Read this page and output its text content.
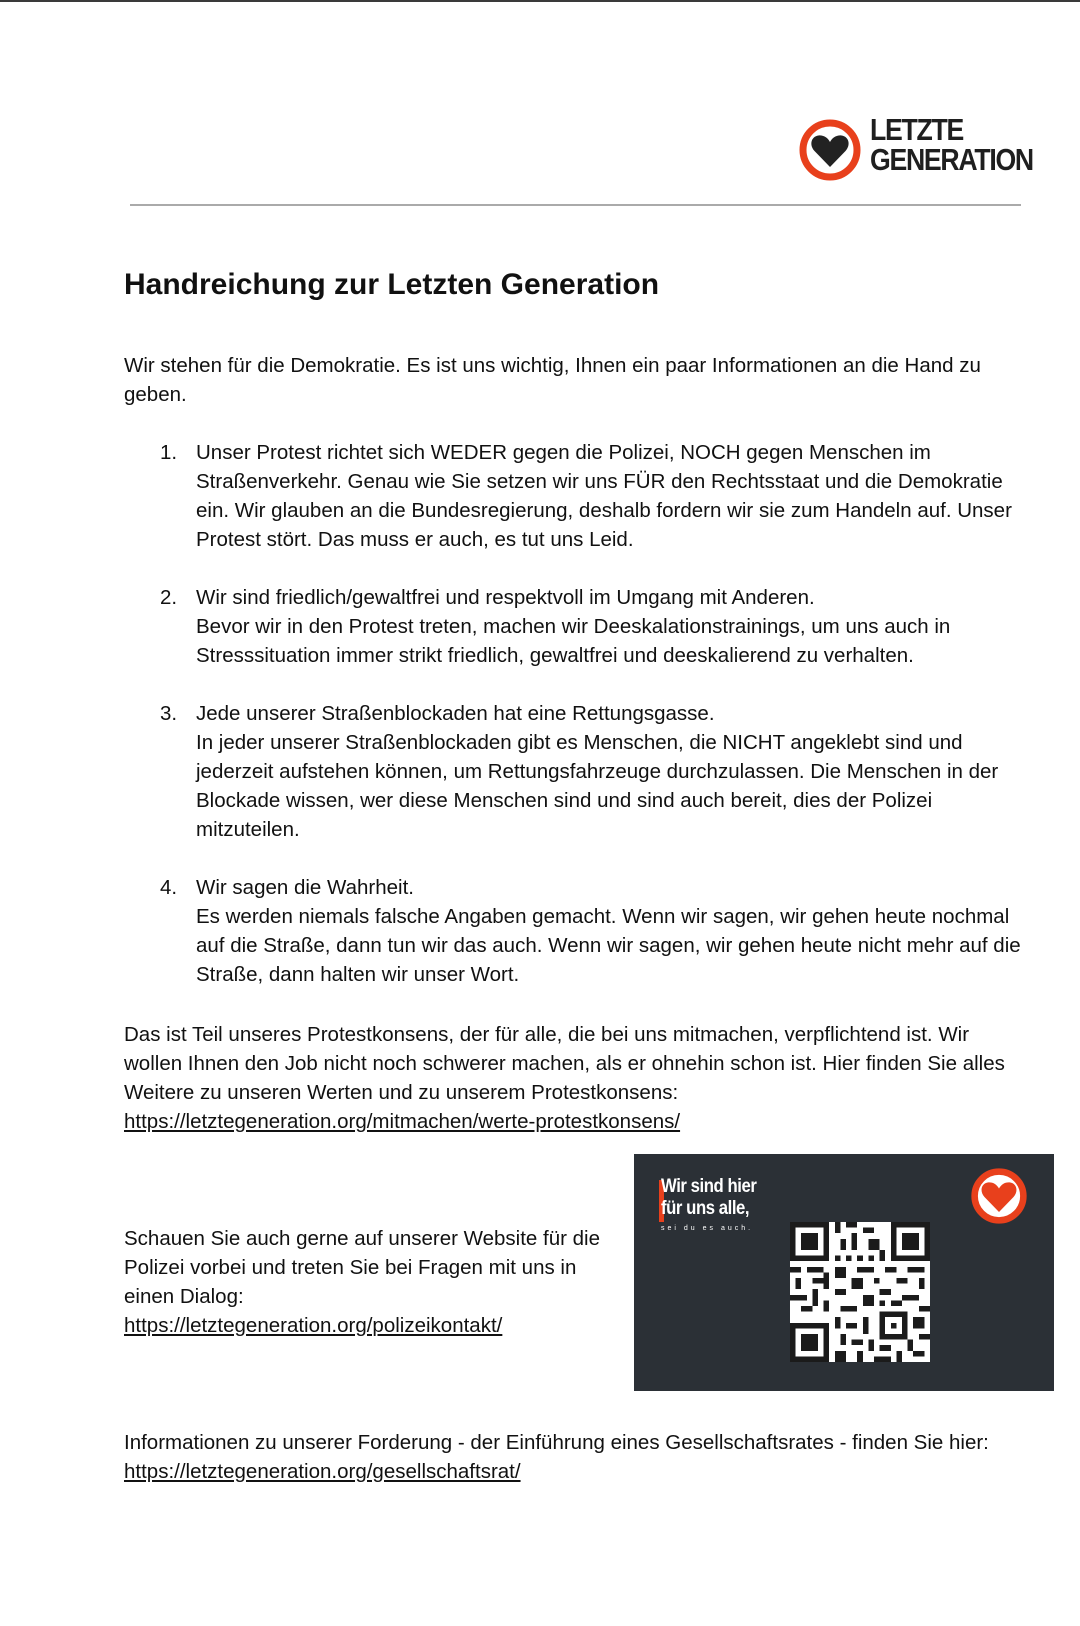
LETZTE
GENERATION
Handreichung zur Letzten Generation

Wir stehen für die Demokratie. Es ist uns wichtig, Ihnen ein paar Informationen an die Hand zu geben.

1. Unser Protest richtet sich WEDER gegen die Polizei, NOCH gegen Menschen im Straßenverkehr. Genau wie Sie setzen wir uns FÜR den Rechtsstaat und die Demokratie ein. Wir glauben an die Bundesregierung, deshalb fordern wir sie zum Handeln auf. Unser Protest stört. Das muss er auch, es tut uns Leid.
2. Wir sind friedlich/gewaltfrei und respektvoll im Umgang mit Anderen.
Bevor wir in den Protest treten, machen wir Deeskalationstrainings, um uns auch in Stresssituation immer strikt friedlich, gewaltfrei und deeskalierend zu verhalten.
3. Jede unserer Straßenblockaden hat eine Rettungsgasse.
In jeder unserer Straßenblockaden gibt es Menschen, die NICHT angeklebt sind und jederzeit aufstehen können, um Rettungsfahrzeuge durchzulassen. Die Menschen in der Blockade wissen, wer diese Menschen sind und sind auch bereit, dies der Polizei mitzuteilen.
4. Wir sagen die Wahrheit.
Es werden niemals falsche Angaben gemacht. Wenn wir sagen, wir gehen heute nochmal auf die Straße, dann tun wir das auch. Wenn wir sagen, wir gehen heute nicht mehr auf die Straße, dann halten wir unser Wort.

Das ist Teil unseres Protestkonsens, der für alle, die bei uns mitmachen, verpflichtend ist. Wir wollen Ihnen den Job nicht noch schwerer machen, als er ohnehin schon ist. Hier finden Sie alles Weitere zu unseren Werten und zu unserem Protestkonsens:
https://letztegeneration.org/mitmachen/werte-protestkonsens/

Schauen Sie auch gerne auf unserer Website für die Polizei vorbei und treten Sie bei Fragen mit uns in einen Dialog:
https://letztegeneration.org/polizeikontakt/

Wir sind hier
für uns alle,
sei du es auch.

Informationen zu unserer Forderung - der Einführung eines Gesellschaftsrates - finden Sie hier: https://letztegeneration.org/gesellschaftsrat/
